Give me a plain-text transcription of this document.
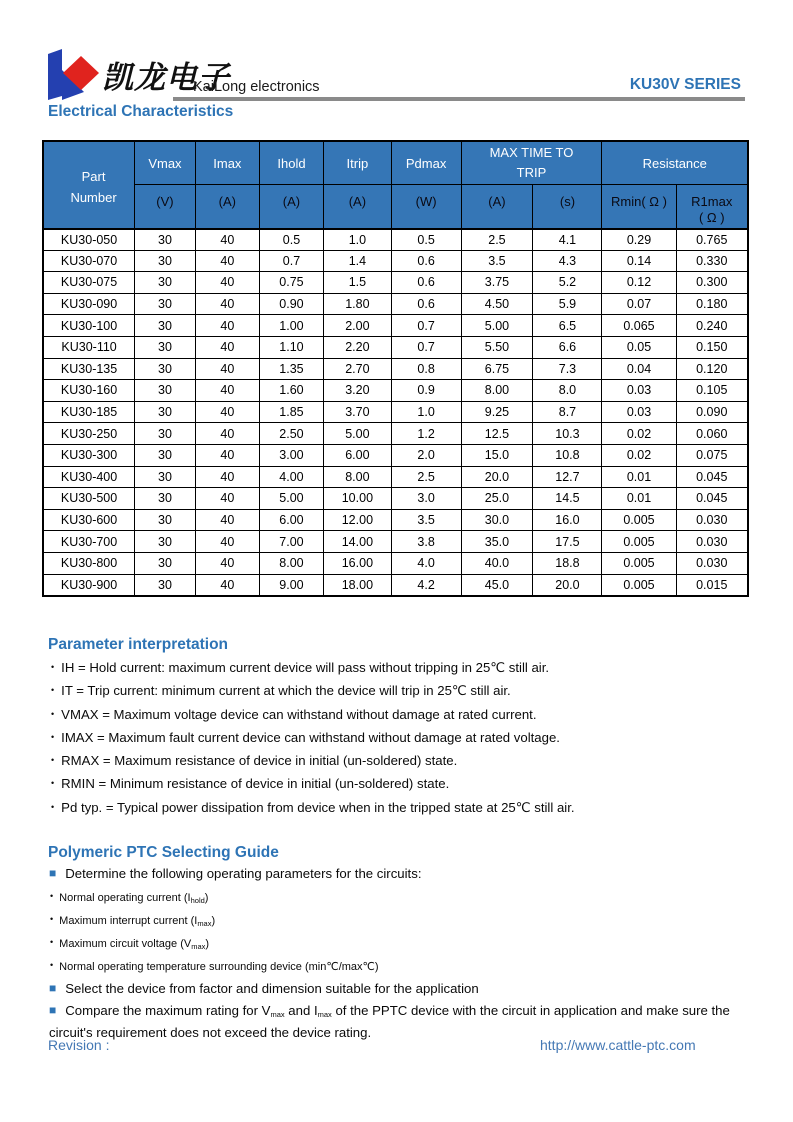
凯龙电子
KaiLong electronics	KU30V SERIES
Electrical Characteristics
Part
Number	Vmax	Imax	Ihold	Itrip	Pdmax	MAX TIME TO TRIP		Resistance	
	(V)	(A)	(A)	(A)	(W)	(A)	(s)	Rmin( Ω )	R1max
( Ω )

KU30-050	30	40	0.5	1.0	0.5	2.5	4.1	0.29	0.765
KU30-070	30	40	0.7	1.4	0.6	3.5	4.3	0.14	0.330
KU30-075	30	40	0.75	1.5	0.6	3.75	5.2	0.12	0.300
KU30-090	30	40	0.90	1.80	0.6	4.50	5.9	0.07	0.180
KU30-100	30	40	1.00	2.00	0.7	5.00	6.5	0.065	0.240
KU30-110	30	40	1.10	2.20	0.7	5.50	6.6	0.05	0.150
KU30-135	30	40	1.35	2.70	0.8	6.75	7.3	0.04	0.120
KU30-160	30	40	1.60	3.20	0.9	8.00	8.0	0.03	0.105
KU30-185	30	40	1.85	3.70	1.0	9.25	8.7	0.03	0.090
KU30-250	30	40	2.50	5.00	1.2	12.5	10.3	0.02	0.060
KU30-300	30	40	3.00	6.00	2.0	15.0	10.8	0.02	0.075
KU30-400	30	40	4.00	8.00	2.5	20.0	12.7	0.01	0.045
KU30-500	30	40	5.00	10.00	3.0	25.0	14.5	0.01	0.045
KU30-600	30	40	6.00	12.00	3.5	30.0	16.0	0.005	0.030
KU30-700	30	40	7.00	14.00	3.8	35.0	17.5	0.005	0.030
KU30-800	30	40	8.00	16.00	4.0	40.0	18.8	0.005	0.030
KU30-900	30	40	9.00	18.00	4.2	45.0	20.0	0.005	0.015
Parameter interpretation
• IH = Hold current: maximum current device will pass without tripping in 25℃ still air.
• IT = Trip current: minimum current at which the device will trip in 25℃ still air.
• VMAX = Maximum voltage device can withstand without damage at rated current.
• IMAX = Maximum fault current device can withstand without damage at rated voltage.
• RMAX = Maximum resistance of device in initial (un-soldered) state.
• RMIN = Minimum resistance of device in initial (un-soldered) state.
• Pd typ. = Typical power dissipation from device when in the tripped state at 25℃ still air.
Polymeric PTC Selecting Guide
■ Determine the following operating parameters for the circuits:
• Normal operating current $(I_{hold})$
• Maximum interrupt current $(I_{max})$
• Maximum circuit voltage $(V_{max})$
• Normal operating temperature surrounding device (min℃/max℃)
■ Select the device from factor and dimension suitable for the application
■ Compare the maximum rating for $V_{max}$ and $I_{max}$ of the PPTC device with the circuit in application and make sure the circuit's requirement does not exceed the device rating.
Revision :	http://www.cattle-ptc.com
